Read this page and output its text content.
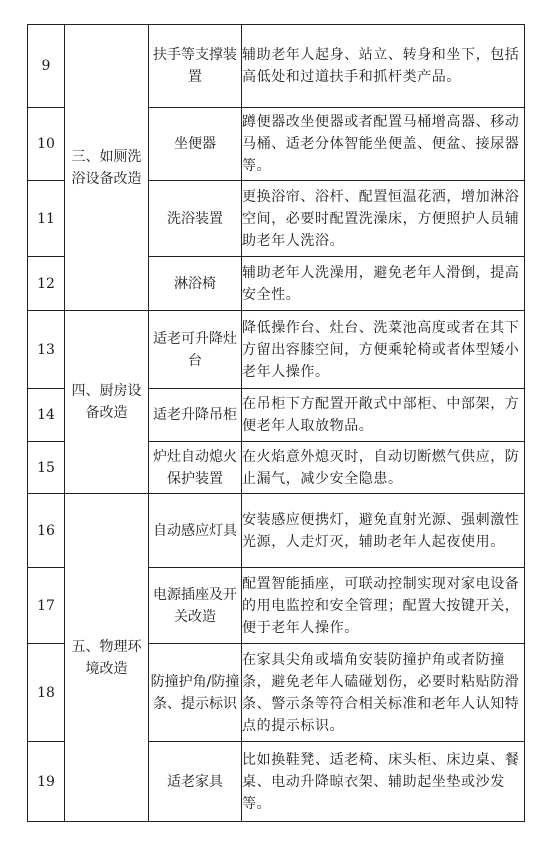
9	三、如厕洗浴设备改造	扶手等支撑装置	辅助老年人起身、站立、转身和坐下，包括高低处和过道扶手和抓杆类产品。
10		坐便器	蹲便器改坐便器或者配置马桶增高器、移动马桶、适老分体智能坐便盖、便盆、接尿器等。
11		洗浴装置	更换浴帘、浴杆、配置恒温花洒，增加淋浴空间，必要时配置洗澡床，方便照护人员辅助老年人洗浴。
12		淋浴椅	辅助老年人洗澡用，避免老年人滑倒，提高安全性。
13	四、厨房设备改造	适老可升降灶台	降低操作台、灶台、洗菜池高度或者在其下方留出容膝空间，方便乘轮椅或者体型矮小老年人操作。
14		适老升降吊柜	在吊柜下方配置开敞式中部柜、中部架，方便老年人取放物品。
15		炉灶自动熄火保护装置	在火焰意外熄灭时，自动切断燃气供应，防止漏气，减少安全隐患。
16	五、物理环境改造	自动感应灯具	安装感应便携灯，避免直射光源、强刺激性光源，人走灯灭，辅助老年人起夜使用。
17		电源插座及开关改造	配置智能插座，可联动控制实现对家电设备的用电监控和安全管理；配置大按键开关，便于老年人操作。
18		防撞护角/防撞条、提示标识	在家具尖角或墙角安装防撞护角或者防撞条，避免老年人磕碰划伤，必要时粘贴防滑条、警示条等符合相关标准和老年人认知特点的提示标识。
19		适老家具	比如换鞋凳、适老椅、床头柜、床边桌、餐桌、电动升降晾衣架、辅助起坐垫或沙发等。
